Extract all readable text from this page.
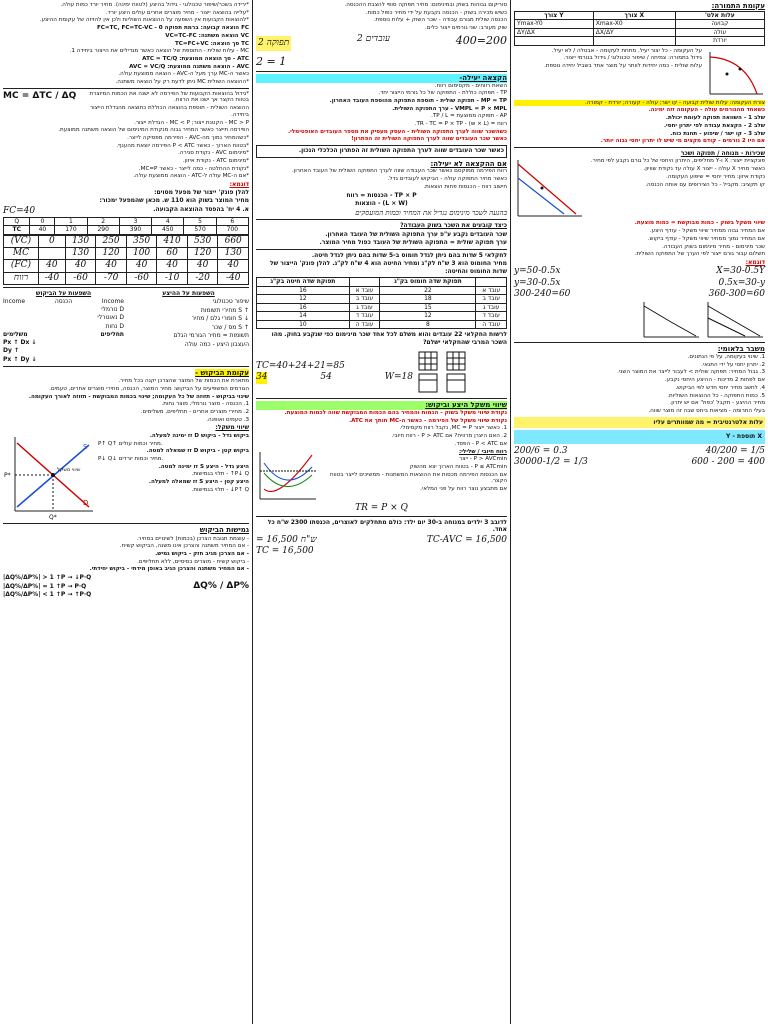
עקומת התמורה:
עלות אלט'	X צורך	Y צורך
קבועה	Xmax-X0	Ymax-Y0
עולה	ΔX/ΔY	ΔY/ΔX
יורדת		

על העקומה - כל יצור יעיל. מתחת לעקומה - אבטלה / לא יעיל.

גידול בתמורה: צמיחה / שיפור טכנולוגי / גידול בגורמי ייצור.

עלות שולית - כמה יחידות לוותר על מוצר אחד בשביל יחידה נוספת.

צורת העקומה: עלות שולית קבועה - קו ישר; עולה - קעורה; יורדת - קמורה.

כשאחד מהגורמים עולה - העקומה זזה ימינה.

שלב 1 - השוואה תפוקה לעומת יכולת.

שלב 2 - הקצאת עבודה לפי יתרון יחסי.

שלב 3 - קו ישר / שיפוע - תחנת כוח.

אם היו 2 גורמים - קודם מקצים מי שיש לו יתרון יחסי גבוה יותר.

שכירות - מנוחה / תפוקה ושכר

פונקציית ייצור: X ו-Y מחליפים, היתרון היחסי של כל גורם נקבע לפי מחיר.

כאשר מחיר X עולה - ייצור X עולה עד נקודת שוויון.

נקודת איזון: מחיר יחסי = שיפוע העקומה.

קו תקציב: מקביל - כל הצירופים עם אותה הכנסה.

שיווי משקל בשוק - כמות מבוקשת = כמות מוצעת.

אם המחיר גבוה ממחיר שיווי משקל - עודף היצע.

אם המחיר נמוך ממחיר שיווי משקל - עודף ביקוש.

שכר מינימום - מחיר מינימום בשוק העבודה.

תשלום עבור גורם ייצור לפי הערך של התפוקה השולית.

דוגמא:
X=30-0.5Y
y=50-0.5x
0.5x=30-y
y=30-0.5x
360-300=60
300-240=60
משבר בלאומי:

1. שינוי בעקומה, על פי הנתונים.

2. יתרון יחסי על ידי התנאי.

3. גבול המחיר: תפוקה שולית > לעבור לייצר את המוצר השני.

אם לפחות 2 מדינות - ההיצע היחסי נקבע.

4. לחשב מחיר יחסי חדש לפי הביקוש.

5. כמות התפוקה - כל ההוצאות השוליות.

מחיר ההיצע - תקבל 'כפול' אם יש יתרון.

בעלי התרומה - מציאות ביחס שבה זה מוצר שווה.

עלות אלטרנטיבית = מה שמוותרים עליו
X תוספת - Y
40/200 = 1/5
200/6 = 0.3
600 - 200 = 400
30000-1/2 = 1/3

סוריקום גבוהות בשוק ובמינימום: מחיר תפוקה סופי להצבת ההכנסה.

כשיש מכירה בשוק - הכנסה נקבעת על ידי מחיר כפול כמות.

הכנסה שולית מגורם עבודה - שכר השוק + עלות נוספת.

שוק מעורב: שני גורמים ייצור כלים.

400=200
2 עובדים
תפוקה 2
2 = 1
הקצאה יעילה-

השאת רווחים - מקסימום רווח.

TP - תפוקה כוללת - התפוקה של כל גורמי הייצור יחד.

MP = TP - תפוקה שולית - תוספת התפוקה מהוספת העובד האחרון.

VMPL = P × MPL - ערך התפוקה השולית.

AP - תפוקה ממוצעת = TP / L.

רווח = TR - TC = P × TP - (w × L).

כשהשכר שווה לערך התפוקה השולית - העסק מעסיק את מספר העובדים האופטימלי.

כאשר שכר העובדים שווה לערך התפוקה השולית זה הפתרון!

כאשר שכר העובדים שווה לערך התפוקה השולית זה הפתרון הכלכלי הנכון.

אם ההקצאה לא יעילה:

רווח הפירמה ממוקסם כאשר שכר העבודה שווה לערך התפוקה השולית של העובד האחרון.

כאשר מחיר התפוקה עולה - הביקוש לעובדים גדל.

חישוב רווח - הכנסות פחות הוצאות.

TP × P - הכנסות = רווח

(L × W) - הוצאות

בהגעה לשכר מינימום נגדיל את המחיר וכמות המועסקים

כיצד קובעים את השכר בשוק העבודה?

שכר העובדים נקבע ע"פ ערך התפוקה השולית של העובד האחרון.

ערך תפוקה שולית = התפוקה השולית של העובד כפול מחיר המוצר.

לחקלאי 5 שדות בהם ניתן לגדל חומוס ב-5 שדות בהם ניתן לגדל חיטה.

מחיר החומוס הוא 3 ש"ח לק"ג ומחיר החיטה הוא 4 ש"ח לק"ג. להלן פונק' הייצור של שדות החומוס והחיטה:

	תפוקת שדה חומוס בק"ג		תפוקת שדה חיטה בק"ג
עובד א	22	עובד א	16
עובד ב	18	עובד ב	12
עובד ג	15	עובד ג	16
עובד ד	12	עובד ד	14
עובד ה	8	עובד ה	10

לרשות החקלאי 22 עובדים והוא משלם לכל אחד שכר מינימום כפי שנקבע בחוק. מהו השכר המרבי שהחקלאי ישלם?

TC=40+24+21=85
W=18
54
34
שיווי משקל היצע וביקוש:

נקודת שיווי משקל בשוק - הכמות והמחיר בהם הכמות המבוקשת שווה לכמות המוצעת.

נקודת שיווי משקל של הפירמה - כאשר ה-MC חותך את ATC.

1. כאשר ייצור MC = P, נקבל רווח מקסימלי.

2. האם היצרן מרוויח? אם P > ATC - רווח חיובי.

אם P < ATC - הפסד.

רווח חיובי / שלילי:

P > AVCmin - ייצר

P ≤ ATCmin - בטווח הארוך יצא מהשוק

אם הכנסות הפירמה מכסות את ההוצאות המשתנות - ממשיכים לייצר בטווח הקצר.

אם מתבצע נוצר רווח על פני המלאי.

TR = P × Q

לדובב 3 ילדים במנוחה ב-30 יום ילד: כולם מתחלקים לאוצרים, הכנסתו 2300 ש"ח כל אחד.

TC-AVC = 16,500
= 16,500 ש"ח
TC = 16,500

*ירידה בשכר/שיפור טכנולוגי - גידול בהיצע (לטווח ימינה). מחיר יורד כמות עולה.

*עלייה בהוצאה ייצור - מחיר מוצרים אחרים עולים היצע יורד.

*להוצאות הקבועות אין השפעה על ההוצאות השוליות ולכן אין להזיזה של עקומת ההיצע.

FC הוצאה קבועה: ברמת תפוקה 0 - FC=TC, FC=TC-VC

VC הוצאה משתנה: VC=TC-FC

TC סך הוצאה: TC=FC+VC

MC - עלות שולית - התוספת של הוצאה כאשר מגדילים את הייצור ביחידה 1.

ATC - סך הוצאה ממוצעת: ATC = TC/Q

AVC - הוצאה משתנה ממוצעת: AVC = VC/Q

כאשר ה-MC ערך מעל ה-AVC - הוצאה ממוצעת עולה.

*ההוצאה השולית MC ניתן לדעת רק על הוצאה משתנה.

*גידול בהוצאות הקבועות של הפירמה לא ישנה את הכמות המיוצרת בטווח הקצר אך ישנו את הרווח.

ההוצאה השולית - תוספת בהוצאה הכוללת כתוצאה מהגדלת הייצור ביחידה.

MC = ΔTC / ΔQ

MC > P - הקטנת ייצור; MC < P - הגדלת ייצור.

הפירמה תייצר כאשר המחיר גבוה מנקודת המינימום של הוצאה משתנה ממוצעת.

*כשהמחיר נמוך מה-AVC - הפירמה מפסיקה לייצר.

*בטווח הארוך - כאשר P < ATC הפירמה יוצאת מהענף.

*מינימום AVC - נקודת סגירה.

*מינימום ATC - נקודת איזון.

*נקודת ההחלטה - כמה לייצר - כאשר MC=P.

*אם ה-MC עולה ל-ATC - הוצאה ממוצעת עולה.

דוגמא:

להלן פונק' ייצור של מפעל מסוים:

מחיר המוצר בשוק הוא 110 ש. מכאן שהמפעל ימכור:

א. 4 יח' בהפסד ההוצאה הקבועה.

FC=40
Q	0	1	2	3	4	5	6
TC	40	170	290	390	450	570	700
(VC)	0	130	250	350	410	530	660
MC		130	120	100	60	120	130
(FC)	40	40	40	40	40	40	40
רווח	-40	-60	-70	-60	-10	-20	-40

השפעות על ההיצע

שיפור טכנולוגי

↑ S מחירי תשומות

↓ S חומרי גלם / מחיר

↑ S מס / שכר

תשומות = מחיר הגורמי הגלם

העצבון היצע - כמה עולה

השפעות על הביקוש

Income
הכנסה
Income

D נורמלי

D נאוטרלי

D נחות

תחליפים
משלימים

Px ↑ Dx ↓

Dy ↑

Px ↑ Dy ↓

עקומת הביקוש -

מתארת את הכמות של המוצר שהצרכן יקנה בכל מחיר.

הגורמים המשפיעים על הביקוש: מחיר המוצר, הכנסה, מחירי מוצרים אחרים, טעמים.

שינוי בביקוש - תזוזה של כל העקומה; שינוי בכמות המבוקשת - תזוזה לאורך העקומה.

1. הכנסה - מוצר נורמלי, מוצר נחות.

2. מחירי מוצרים אחרים - תחליפים, משלימים.

3. טעמים ואופנה.

שיווי משקל:

ביקוש גדל - ביקוש D זז ימינה למעלה.

P↑ Q↑ מחיר וכמות עולים.

ביקוש קטן - ביקוש D זז שמאלה למטה.

P↓ Q↓ מחיר וכמות יורדים.

היצע גדל - היצע S זז ימינה למטה.

P↓ Q↑ - תלוי בגמישות.

היצע קטן - היצע S זז שמאלה למעלה.

P↑ Q↓ - תלוי בגמישות.

S
D
P*
Q*
שיווי משקל

גמישות הביקוש

- עוצמת תגובת הצרכן (בכמות) לשינויים במחיר.

- אם המחיר משתנה והצרכן אינו משנה, הביקוש קשיח.

- אם הצרכן מגיב חזק - ביקוש גמיש.

- ביקוש קשיח - מוצרים בסיסיים, ללא תחליפים.

- אם המחיר משתנה והצרכן הגיב באופן מידתי - ביקוש יחידתי.

ΔQ% / ΔP%

|ΔQ%/ΔP%| > 1 ↑P → ↓P·Q

|ΔQ%/ΔP%| = 1 ↑P → P·Q

|ΔQ%/ΔP%| < 1 ↑P → ↑P·Q
